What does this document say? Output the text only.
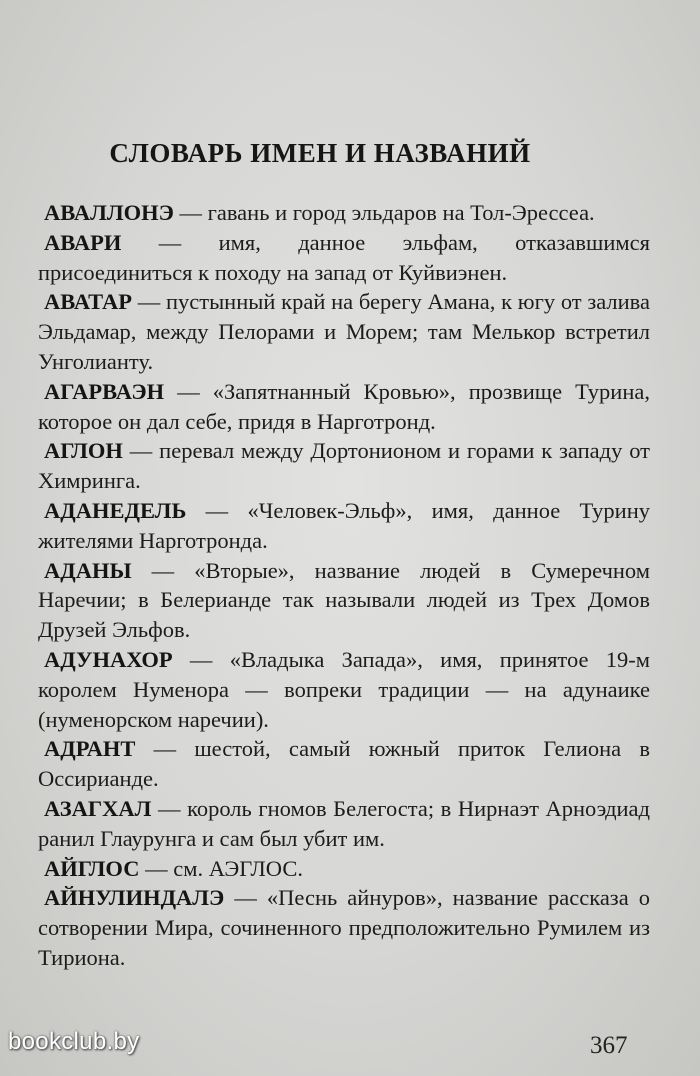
СЛОВАРЬ ИМЕН И НАЗВАНИЙ

АВАЛЛОНЭ — гавань и город эльдаров на Тол-Эрессеа.

АВАРИ — имя, данное эльфам, отказавшимся присоединиться к походу на запад от Куйвиэнен.

АВАТАР — пустынный край на берегу Амана, к югу от залива Эльдамар, между Пелорами и Морем; там Мелькор встретил Унголианту.

АГАРВАЭН — «Запятнанный Кровью», прозвище Турина, которое он дал себе, придя в Нарготронд.

АГЛОН — перевал между Дортонионом и горами к западу от Химринга.

АДАНЕДЕЛЬ — «Человек-Эльф», имя, данное Турину жителями Нарготронда.

АДАНЫ — «Вторые», название людей в Сумеречном Наречии; в Белерианде так называли людей из Трех Домов Друзей Эльфов.

АДУНАХОР — «Владыка Запада», имя, принятое 19-м королем Нуменора — вопреки традиции — на адунаике (нуменорском наречии).

АДРАНТ — шестой, самый южный приток Гелиона в Оссирианде.

АЗАГХАЛ — король гномов Белегоста; в Нирнаэт Арноэдиад ранил Глаурунга и сам был убит им.

АЙГЛОС — см. АЭГЛОС.

АЙНУЛИНДАЛЭ — «Песнь айнуров», название рассказа о сотворении Мира, сочиненного предположительно Румилем из Тириона.

bookclub.by	367
